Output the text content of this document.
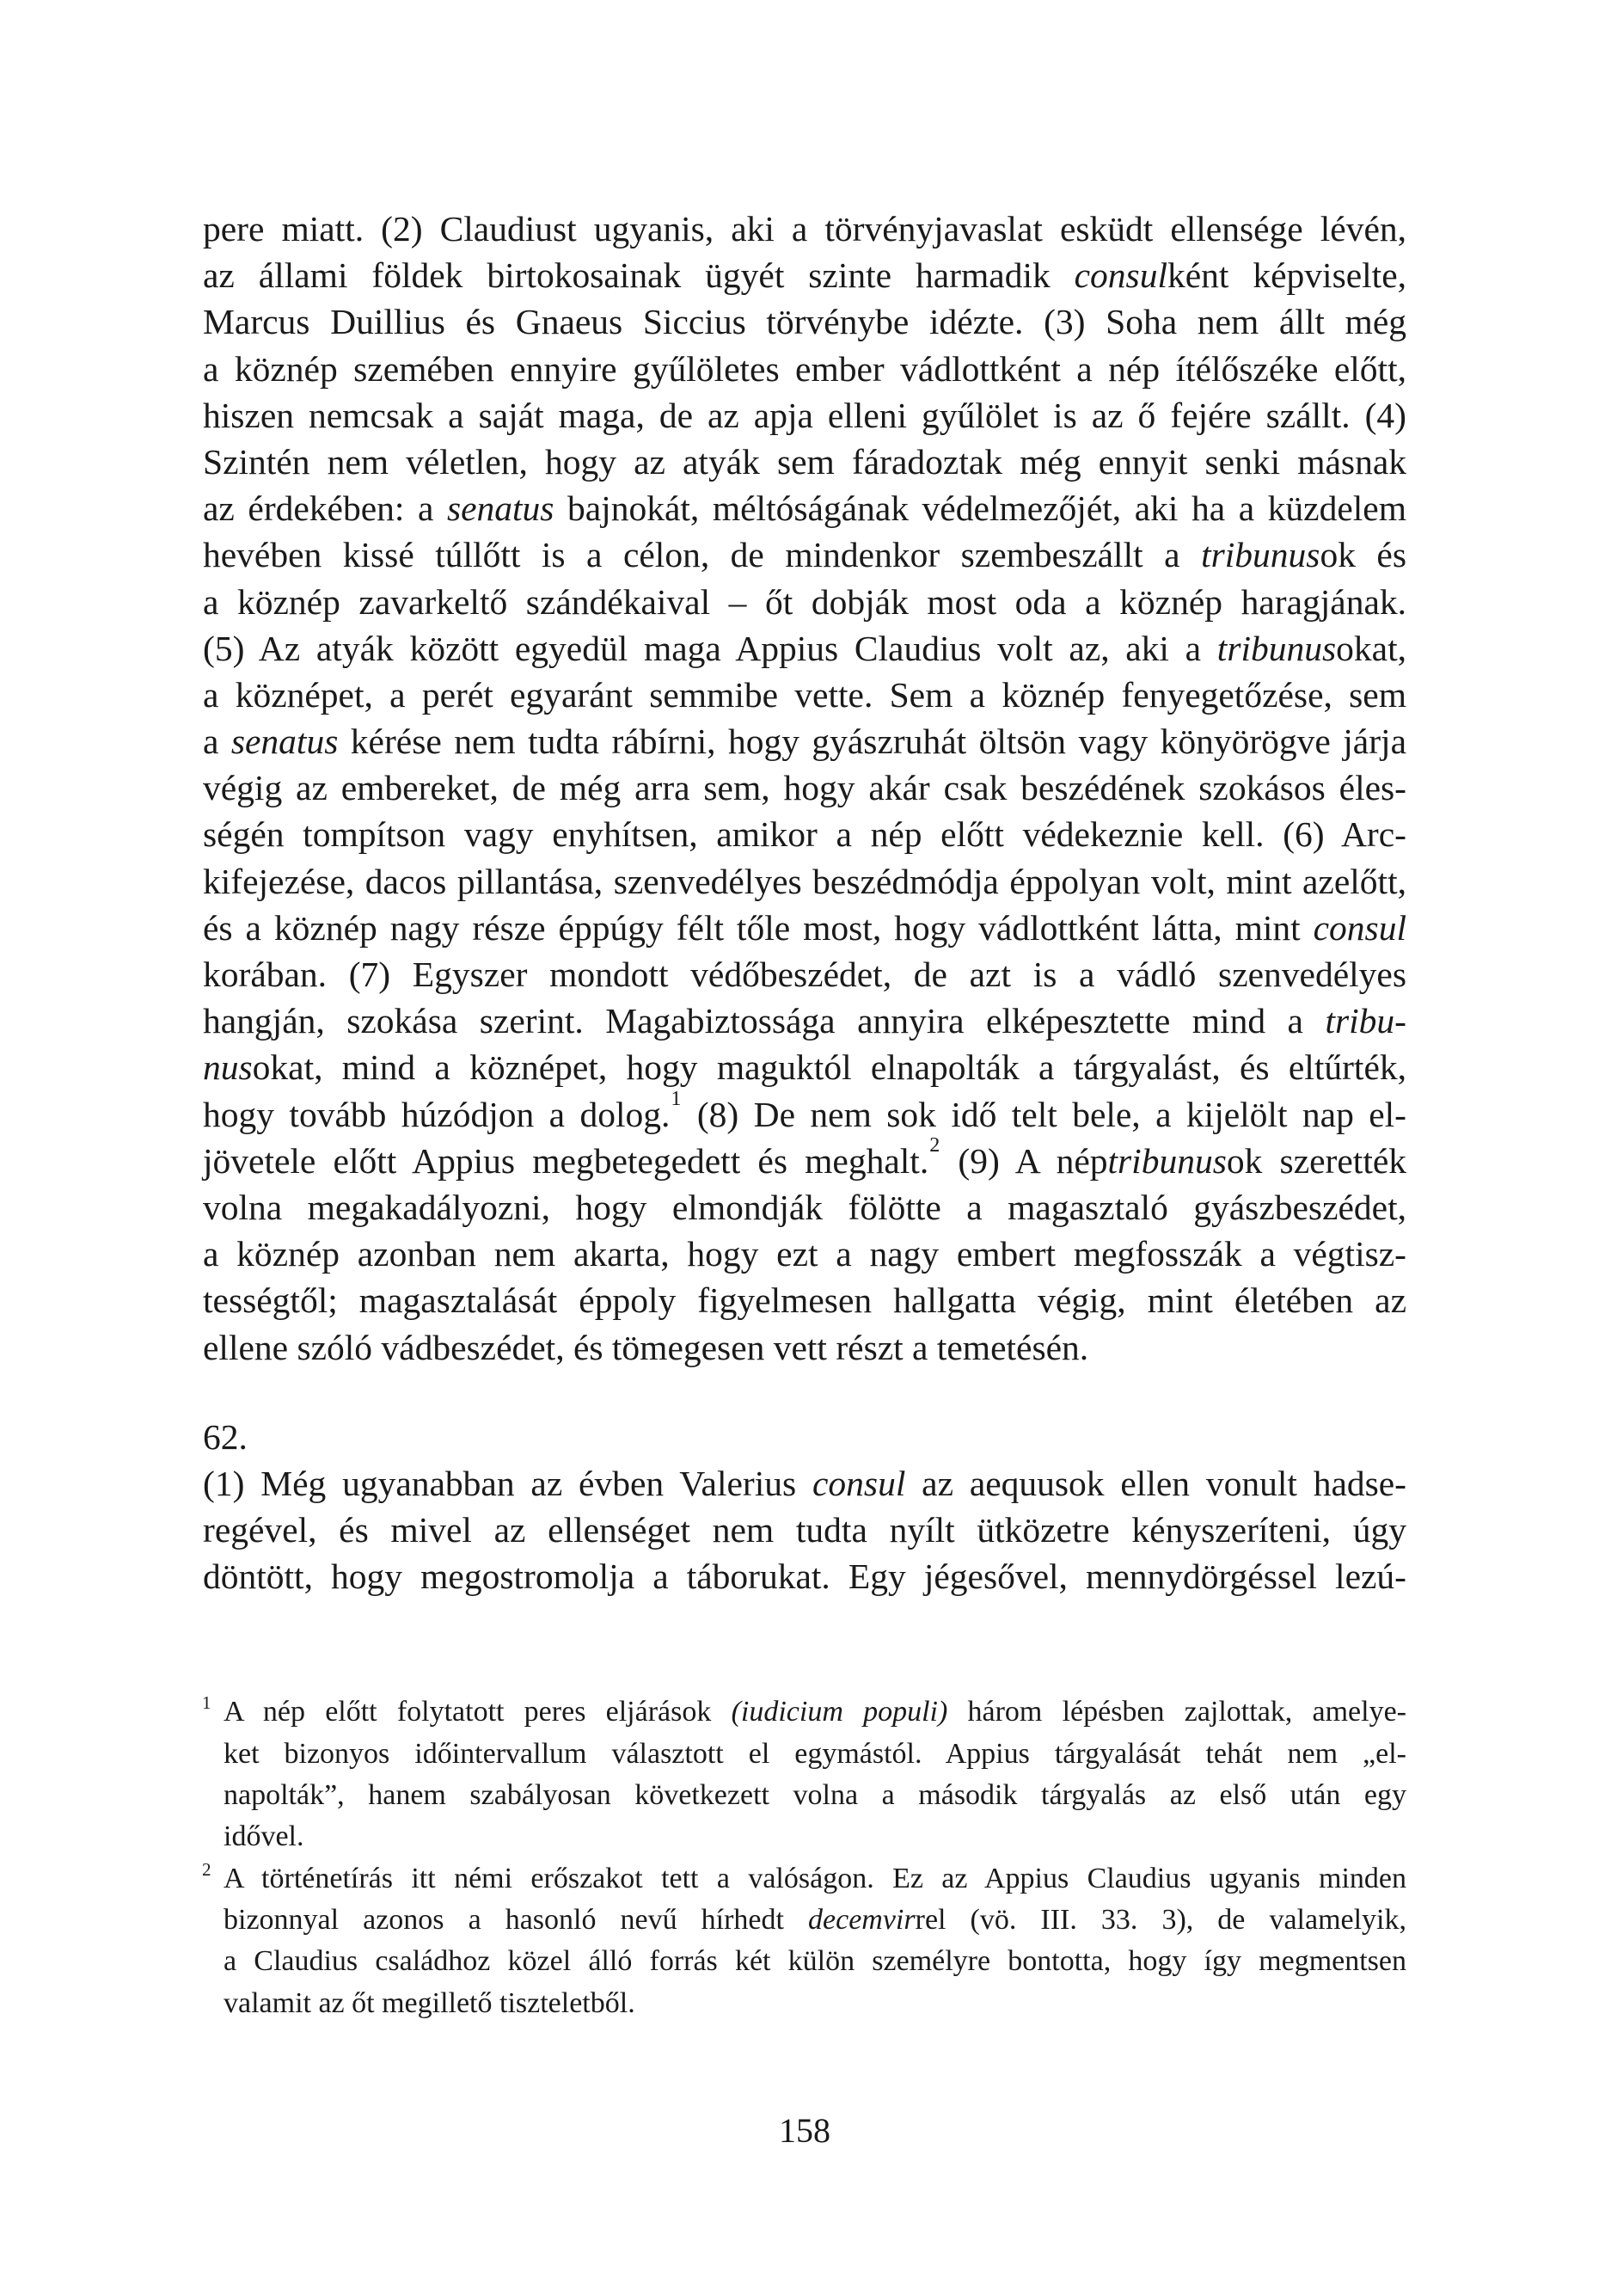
pere miatt. (2) Claudiust ugyanis, aki a törvényjavaslat esküdt ellensége lévén,
az állami földek birtokosainak ügyét szinte harmadik consulként képviselte,
Marcus Duillius és Gnaeus Siccius törvénybe idézte. (3) Soha nem állt még
a köznép szemében ennyire gyűlöletes ember vádlottként a nép ítélőszéke előtt,
hiszen nemcsak a saját maga, de az apja elleni gyűlölet is az ő fejére szállt. (4)
Szintén nem véletlen, hogy az atyák sem fáradoztak még ennyit senki másnak
az érdekében: a senatus bajnokát, méltóságának védelmezőjét, aki ha a küzdelem
hevében kissé túllőtt is a célon, de mindenkor szembeszállt a tribunusok és
a köznép zavarkeltő szándékaival – őt dobják most oda a köznép haragjának.
(5) Az atyák között egyedül maga Appius Claudius volt az, aki a tribunusokat,
a köznépet, a perét egyaránt semmibe vette. Sem a köznép fenyegetőzése, sem
a senatus kérése nem tudta rábírni, hogy gyászruhát öltsön vagy könyörögve járja
végig az embereket, de még arra sem, hogy akár csak beszédének szokásos éles-
ségén tompítson vagy enyhítsen, amikor a nép előtt védekeznie kell. (6) Arc-
kifejezése, dacos pillantása, szenvedélyes beszédmódja éppolyan volt, mint azelőtt,
és a köznép nagy része éppúgy félt tőle most, hogy vádlottként látta, mint consul
korában. (7) Egyszer mondott védőbeszédet, de azt is a vádló szenvedélyes
hangján, szokása szerint. Magabiztossága annyira elképesztette mind a tribu-
nusokat, mind a köznépet, hogy maguktól elnapolták a tárgyalást, és eltűrték,
hogy tovább húzódjon a dolog.$^1$ (8) De nem sok idő telt bele, a kijelölt nap el-
jövetele előtt Appius megbetegedett és meghalt.$^2$ (9) A néptribunusok szerették
volna megakadályozni, hogy elmondják fölötte a magasztaló gyászbeszédet,
a köznép azonban nem akarta, hogy ezt a nagy embert megfosszák a végtisz-
tességtől; magasztalását éppoly figyelmesen hallgatta végig, mint életében az
ellene szóló vádbeszédet, és tömegesen vett részt a temetésén.
62.
(1) Még ugyanabban az évben Valerius consul az aequusok ellen vonult hadse-
regével, és mivel az ellenséget nem tudta nyílt ütközetre kényszeríteni, úgy
döntött, hogy megostromolja a táborukat. Egy jégesővel, mennydörgéssel lezú-
1 A nép előtt folytatott peres eljárások (iudicium populi) három lépésben zajlottak, amelye-
ket bizonyos időintervallum választott el egymástól. Appius tárgyalását tehát nem „el-
napolták”, hanem szabályosan következett volna a második tárgyalás az első után egy
idővel.
2 A történetírás itt némi erőszakot tett a valóságon. Ez az Appius Claudius ugyanis minden
bizonnyal azonos a hasonló nevű hírhedt decemvirrel (vö. III. 33. 3), de valamelyik,
a Claudius családhoz közel álló forrás két külön személyre bontotta, hogy így megmentsen
valamit az őt megillető tiszteletből.
158
